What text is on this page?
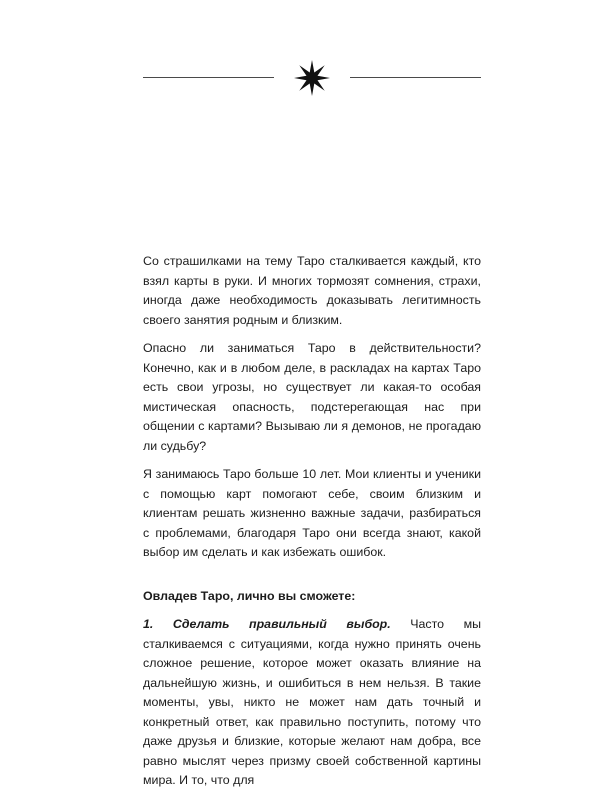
Со страшилками на тему Таро сталкивается каждый, кто взял карты в руки. И многих тормозят сомнения, страхи, иногда даже необходимость доказывать легитимность своего занятия родным и близким.

Опасно ли заниматься Таро в действительности? Конечно, как и в любом деле, в раскладах на картах Таро есть свои угрозы, но существует ли какая-то особая мистическая опасность, подстерегающая нас при общении с картами? Вызываю ли я демонов, не прогадаю ли судьбу?

Я занимаюсь Таро больше 10 лет. Мои клиенты и ученики с помощью карт помогают себе, своим близким и клиентам решать жизненно важные задачи, разбираться с проблемами, благодаря Таро они всегда знают, какой выбор им сделать и как избежать ошибок.

Овладев Таро, лично вы сможете:

1. Сделать правильный выбор. Часто мы сталкиваемся с ситуациями, когда нужно принять очень сложное решение, которое может оказать влияние на дальнейшую жизнь, и ошибиться в нем нельзя. В такие моменты, увы, никто не может нам дать точный и конкретный ответ, как правильно поступить, потому что даже друзья и близкие, которые желают нам добра, все равно мыслят через призму своей собственной картины мира. И то, что для
